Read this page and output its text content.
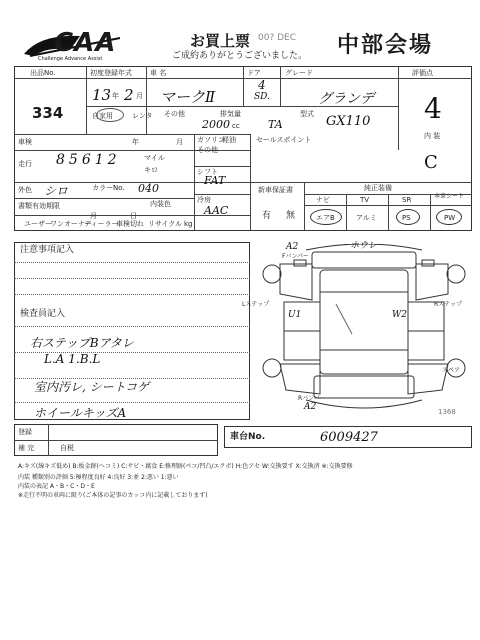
CAA
Challenge Advance Assist
お買上票 00? DEC
ご成約ありがとうございました。 中部会場
出品No.
334
初度登録年式
13 年 2 月
車 名
マークⅡ
ドア
4
SD.
グレード
グランデ
評価点
4
自家用	レンタ その他	排気量
2000 cc	TA
型式 GX110
内 装
C
車検	年	月 ガソリン
軽油
その他
セールスポイント
走行 85612	マイル
キロ	シフト
FAT
外色 シロ	カラーNo. 040
内装色	冷房
AAC
書類有効期限
月	日
ユーザー
ワンオーナー
ディーラー
車検切れ リサイクル kg
新車保証書
有 無
純正装備
ナビ	TV	SR	本革シート
エアB	アルミ	PS	PW
注意事項記入
検査員記入
右ステップBアタレ
L.A 1.B.L
室内汚レ, シートコゲ
ホイールキッズA
A2
Fバンパー
ホウレ
Lステップ	Rステップ
U1	W2
Rバンパー
A2
スペア
1368
登録
補 完	自税
車台No.	6009427
A:キズ(線キズ低め) B:板金跡(ヘコミ) C:サビ・腐食 E:修理跡(ペコ/凹凸/エクボ) H:色アセ W:交換要す X:交換済 ※:交換要修
内装 種類別の評価 5:極程度良好 4:良好 3:並 2:悪い 1:悪い
内装の表記 A・B・C・D・E
※走行不明の車両に限り(ご本体の記事のカッコ内に記載しております)
